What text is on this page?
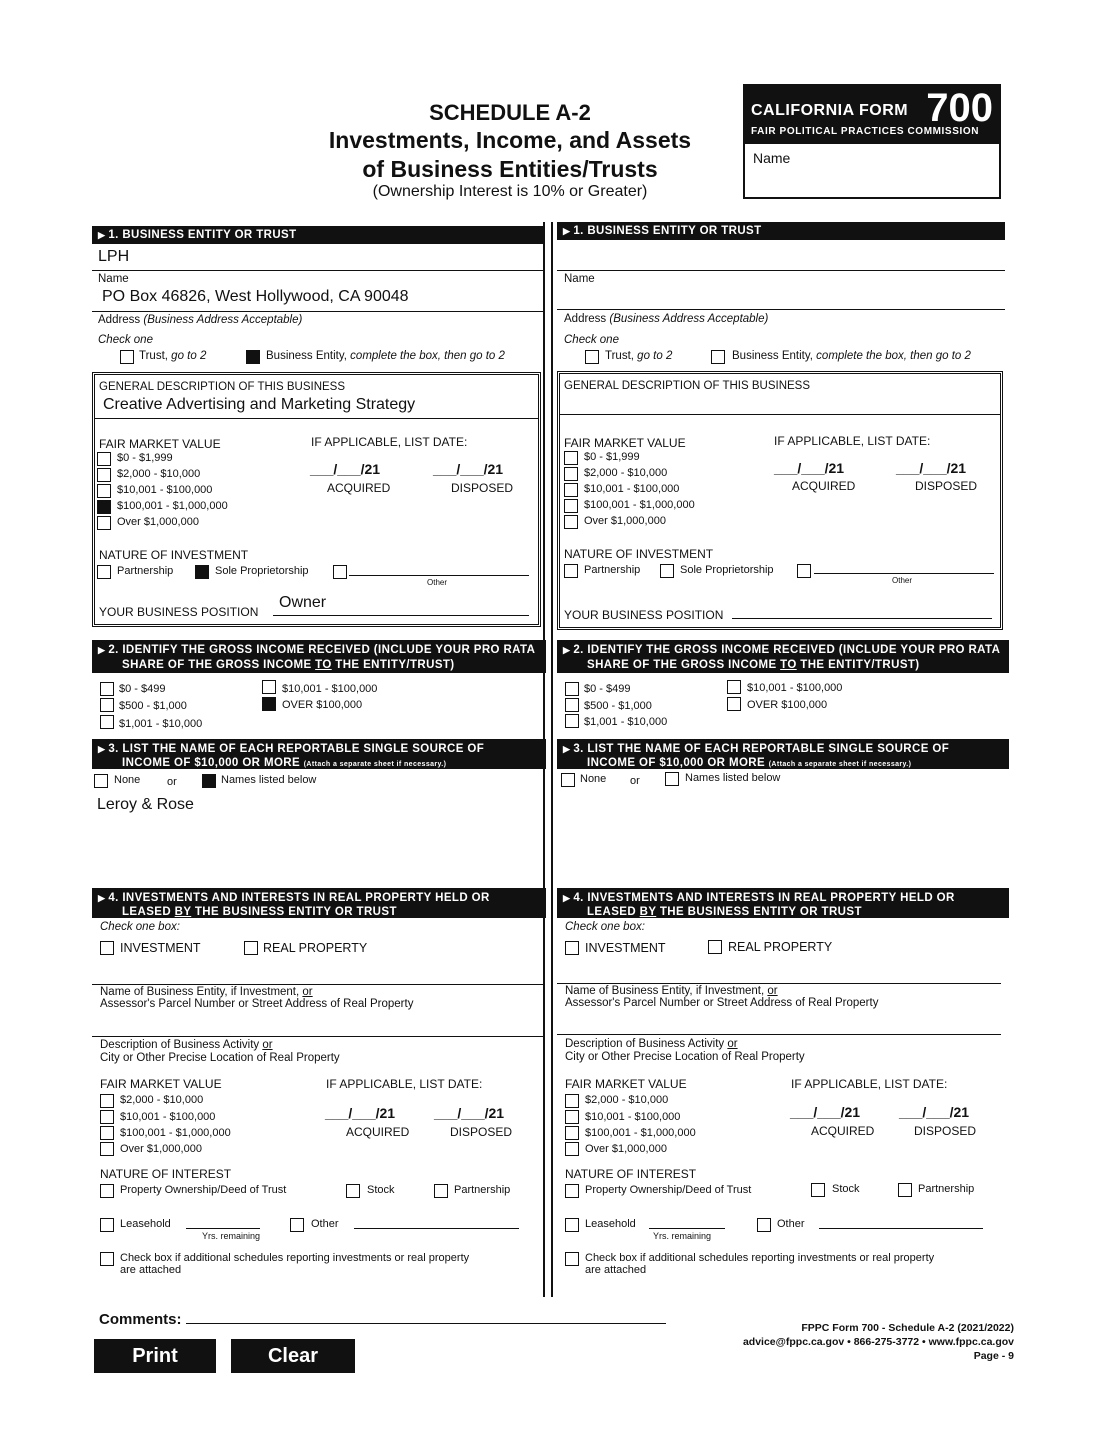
SCHEDULE A-2
Investments, Income, and Assets
of Business Entities/Trusts
(Ownership Interest is 10% or Greater)
CALIFORNIA FORM 700
FAIR POLITICAL PRACTICES COMMISSION
Name
▶ 1. BUSINESS ENTITY OR TRUST
LPH
Name
PO Box 46826, West Hollywood, CA 90048
Address (Business Address Acceptable)
Check one
Trust, go to 2	Business Entity, complete the box, then go to 2
GENERAL DESCRIPTION OF THIS BUSINESS
Creative Advertising and Marketing Strategy
FAIR MARKET VALUE	IF APPLICABLE, LIST DATE:
$0 - $1,999
$2,000 - $10,000
$10,001 - $100,000
$100,001 - $1,000,000
Over $1,000,000
___/___/21
ACQUIRED
___/___/21
DISPOSED
NATURE OF INVESTMENT
Partnership	Sole Proprietorship
Other
YOUR BUSINESS POSITION
Owner
▶ 2. IDENTIFY THE GROSS INCOME RECEIVED (INCLUDE YOUR PRO RATA
SHARE OF THE GROSS INCOME TO THE ENTITY/TRUST)
$0 - $499
$500 - $1,000
$1,001 - $10,000
$10,001 - $100,000
OVER $100,000
▶ 3. LIST THE NAME OF EACH REPORTABLE SINGLE SOURCE OF
INCOME OF $10,000 OR MORE (Attach a separate sheet if necessary.)
None or	Names listed below
Leroy & Rose
▶ 4. INVESTMENTS AND INTERESTS IN REAL PROPERTY HELD OR
LEASED BY THE BUSINESS ENTITY OR TRUST
Check one box:
INVESTMENT	REAL PROPERTY
Name of Business Entity, if Investment, or
Assessor's Parcel Number or Street Address of Real Property
Description of Business Activity or
City or Other Precise Location of Real Property
FAIR MARKET VALUE	IF APPLICABLE, LIST DATE:
$2,000 - $10,000
$10,001 - $100,000
$100,001 - $1,000,000
Over $1,000,000
___/___/21
ACQUIRED
___/___/21
DISPOSED
NATURE OF INTEREST
Property Ownership/Deed of Trust	Stock	Partnership
Leasehold
Yrs. remaining
Other
Check box if additional schedules reporting investments or real property
are attached
▶ 1. BUSINESS ENTITY OR TRUST
Name
Address (Business Address Acceptable)
Check one
Trust, go to 2	Business Entity, complete the box, then go to 2
GENERAL DESCRIPTION OF THIS BUSINESS
FAIR MARKET VALUE	IF APPLICABLE, LIST DATE:
$0 - $1,999
$2,000 - $10,000
$10,001 - $100,000
$100,001 - $1,000,000
Over $1,000,000
___/___/21
ACQUIRED
___/___/21
DISPOSED
NATURE OF INVESTMENT
Partnership	Sole Proprietorship
Other
YOUR BUSINESS POSITION
▶ 2. IDENTIFY THE GROSS INCOME RECEIVED (INCLUDE YOUR PRO RATA
SHARE OF THE GROSS INCOME TO THE ENTITY/TRUST)
$0 - $499
$500 - $1,000
$1,001 - $10,000
$10,001 - $100,000
OVER $100,000
▶ 3. LIST THE NAME OF EACH REPORTABLE SINGLE SOURCE OF
INCOME OF $10,000 OR MORE (Attach a separate sheet if necessary.)
None or	Names listed below
▶ 4. INVESTMENTS AND INTERESTS IN REAL PROPERTY HELD OR
LEASED BY THE BUSINESS ENTITY OR TRUST
Check one box:
INVESTMENT	REAL PROPERTY
Name of Business Entity, if Investment, or
Assessor's Parcel Number or Street Address of Real Property
Description of Business Activity or
City or Other Precise Location of Real Property
FAIR MARKET VALUE	IF APPLICABLE, LIST DATE:
$2,000 - $10,000
$10,001 - $100,000
$100,001 - $1,000,000
Over $1,000,000
___/___/21
ACQUIRED
___/___/21
DISPOSED
NATURE OF INTEREST
Property Ownership/Deed of Trust	Stock	Partnership
Leasehold
Yrs. remaining
Other
Check box if additional schedules reporting investments or real property
are attached
Comments:
Print	Clear
FPPC Form 700 - Schedule A-2 (2021/2022)
advice@fppc.ca.gov • 866-275-3772 • www.fppc.ca.gov
Page - 9
